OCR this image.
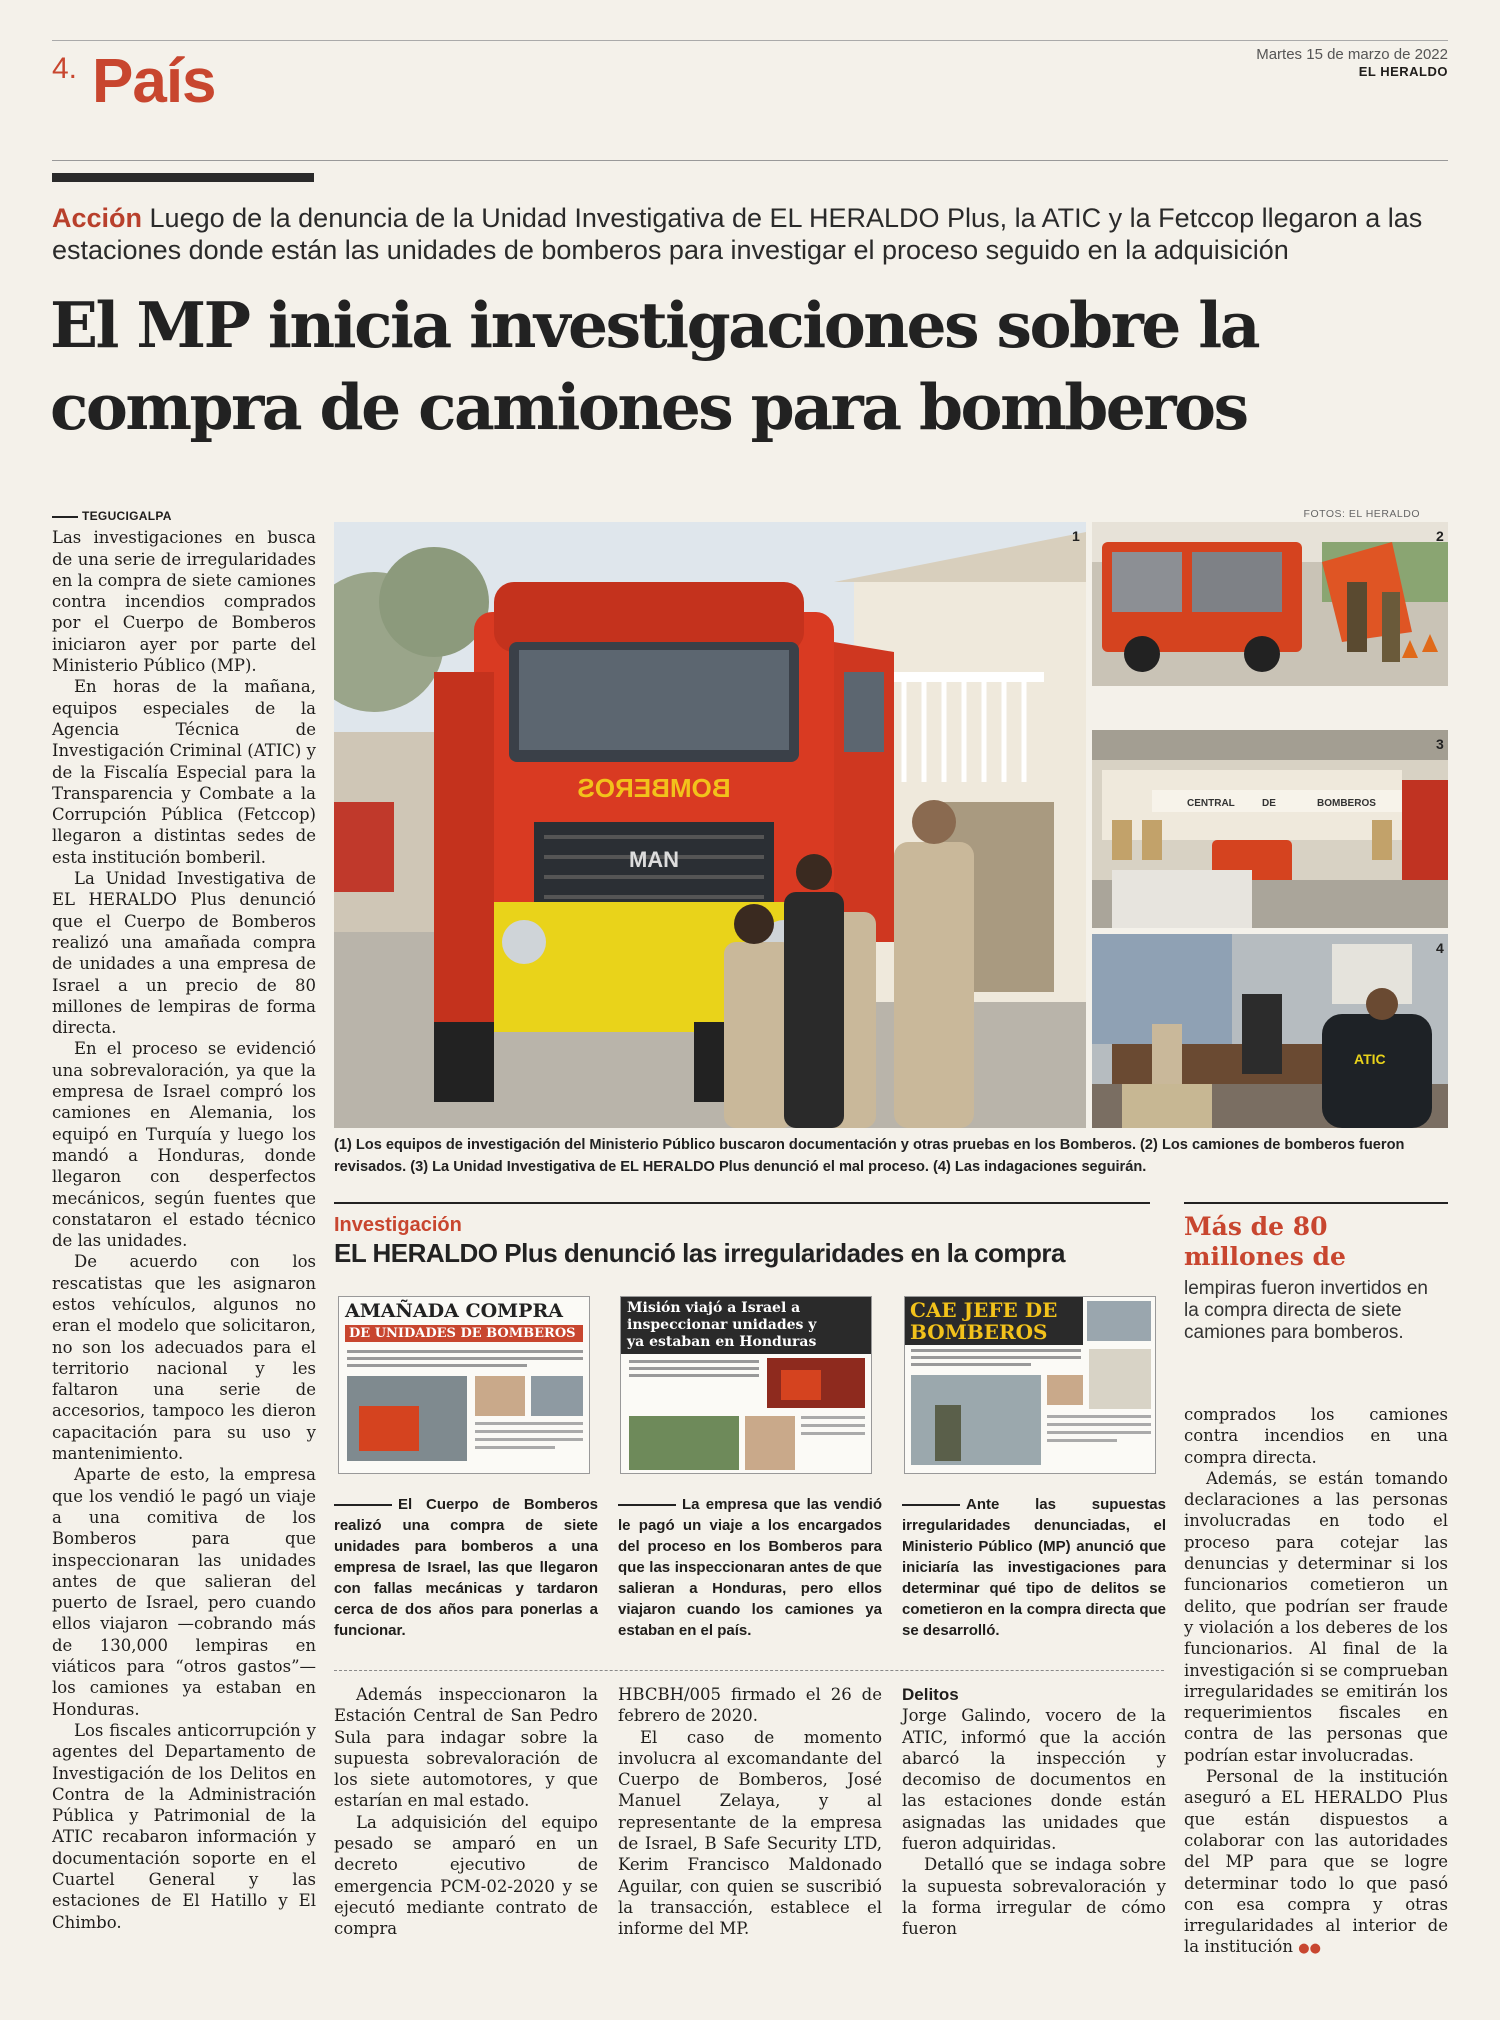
4. País	Martes 15 de marzo de 2022
EL HERALDO
Acción Luego de la denuncia de la Unidad Investigativa de EL HERALDO Plus, la ATIC y la Fetccop llegaron a las estaciones donde están las unidades de bomberos para investigar el proceso seguido en la adquisición
El MP inicia investigaciones sobre la compra de camiones para bomberos
TEGUCIGALPA

Las investigaciones en busca de una serie de irregularidades en la compra de siete camiones contra incendios comprados por el Cuerpo de Bomberos iniciaron ayer por parte del Ministerio Público (MP).

En horas de la mañana, equipos especiales de la Agencia Técnica de Investigación Criminal (ATIC) y de la Fiscalía Especial para la Transparencia y Combate a la Corrupción Pública (Fetccop) llegaron a distintas sedes de esta institución bomberil.

La Unidad Investigativa de EL HERALDO Plus denunció que el Cuerpo de Bomberos realizó una amañada compra de unidades a una empresa de Israel a un precio de 80 millones de lempiras de forma directa.

En el proceso se evidenció una sobrevaloración, ya que la empresa de Israel compró los camiones en Alemania, los equipó en Turquía y luego los mandó a Honduras, donde llegaron con desperfectos mecánicos, según fuentes que constataron el estado técnico de las unidades.

De acuerdo con los rescatistas que les asignaron estos vehículos, algunos no eran el modelo que solicitaron, no son los adecuados para el territorio nacional y les faltaron una serie de accesorios, tampoco les dieron capacitación para su uso y mantenimiento.

Aparte de esto, la empresa que los vendió le pagó un viaje a una comitiva de los Bomberos para que inspeccionaran las unidades antes de que salieran del puerto de Israel, pero cuando ellos viajaron —cobrando más de 130,000 lempiras en viáticos para “otros gastos”— los camiones ya estaban en Honduras.

Los fiscales anticorrupción y agentes del Departamento de Investigación de los Delitos en Contra de la Administración Pública y Patrimonial de la ATIC recabaron información y documentación soporte en el Cuartel General y las estaciones de El Hatillo y El Chimbo.

FOTOS: EL HERALDO
BOMBEROS
MAN
1	2
CENTRAL	DE	BOMBEROS
3
ATIC
4
(1) Los equipos de investigación del Ministerio Público buscaron documentación y otras pruebas en los Bomberos. (2) Los camiones de bomberos fueron revisados. (3) La Unidad Investigativa de EL HERALDO Plus denunció el mal proceso. (4) Las indagaciones seguirán.
Investigación
EL HERALDO Plus denunció las irregularidades en la compra
AMAÑADA COMPRA
DE UNIDADES DE BOMBEROS
Misión viajó a Israel a inspeccionar unidades y
ya estaban en Honduras
CAE JEFE DE
BOMBEROS
El Cuerpo de Bomberos realizó una compra de siete unidades para bomberos a una empresa de Israel, las que llegaron con fallas mecánicas y tardaron cerca de dos años para ponerlas a funcionar.
La empresa que las vendió le pagó un viaje a los encargados del proceso en los Bomberos para que las inspeccionaran antes de que salieran a Honduras, pero ellos viajaron cuando los camiones ya estaban en el país.
Ante las supuestas irregularidades denunciadas, el Ministerio Público (MP) anunció que iniciaría las investigaciones para determinar qué tipo de delitos se cometieron en la compra directa que se desarrolló.

Además inspeccionaron la Estación Central de San Pedro Sula para indagar sobre la supuesta sobrevaloración de los siete automotores, y que estarían en mal estado.

La adquisición del equipo pesado se amparó en un decreto ejecutivo de emergencia PCM-02-2020 y se ejecutó mediante contrato de compra

HBCBH/005 firmado el 26 de febrero de 2020.

El caso de momento involucra al excomandante del Cuerpo de Bomberos, José Manuel Zelaya, y al representante de la empresa de Israel, B Safe Security LTD, Kerim Francisco Maldonado Aguilar, con quien se suscribió la transacción, establece el informe del MP.

Delitos

Jorge Galindo, vocero de la ATIC, informó que la acción abarcó la inspección y decomiso de documentos en las estaciones donde están asignadas las unidades que fueron adquiridas.

Detalló que se indaga sobre la supuesta sobrevaloración y la forma irregular de cómo fueron

Más de 80 millones de
lempiras fueron invertidos en la compra directa de siete camiones para bomberos.

comprados los camiones contra incendios en una compra directa.

Además, se están tomando declaraciones a las personas involucradas en todo el proceso para cotejar las denuncias y determinar si los funcionarios cometieron un delito, que podrían ser fraude y violación a los deberes de los funcionarios. Al final de la investigación si se comprueban irregularidades se emitirán los requerimientos fiscales en contra de las personas que podrían estar involucradas.

Personal de la institución aseguró a EL HERALDO Plus que están dispuestos a colaborar con las autoridades del MP para que se logre determinar todo lo que pasó con esa compra y otras irregularidades al interior de la institución ●●
